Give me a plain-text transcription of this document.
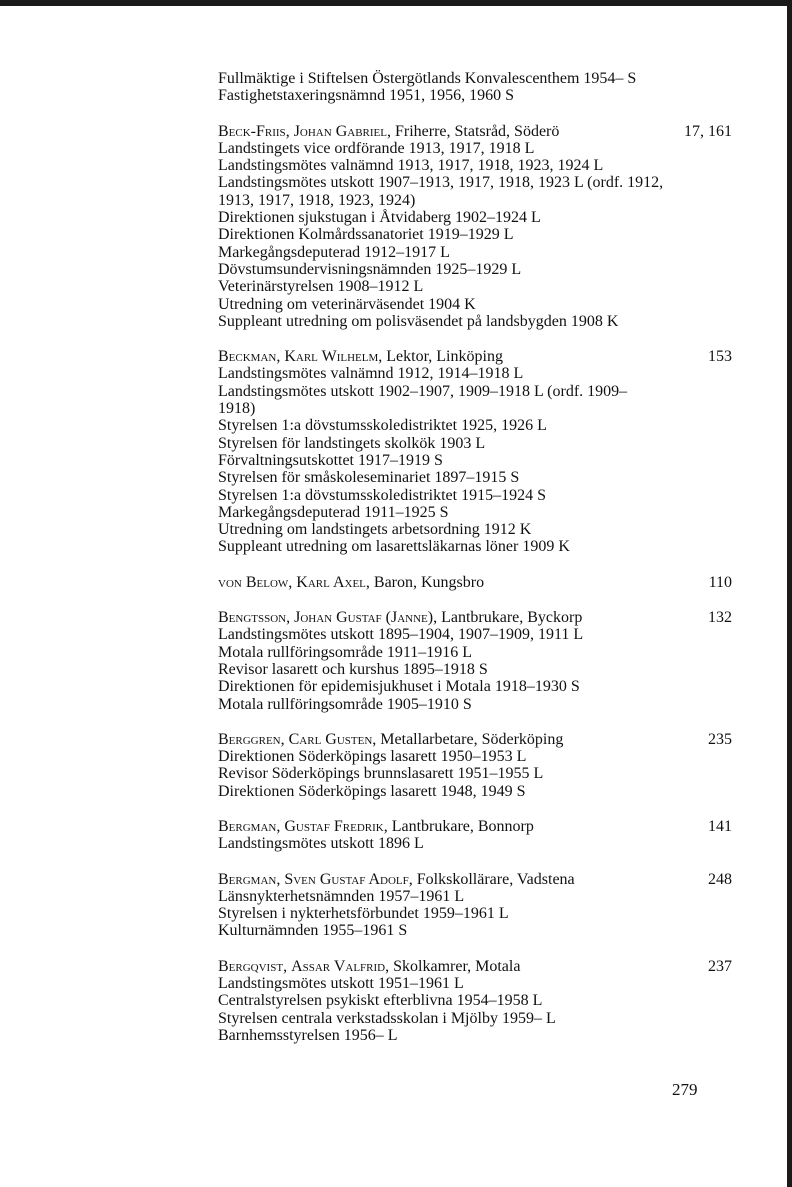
Fullmäktige i Stiftelsen Östergötlands Konvalescenthem 1954– S
Fastighetstaxeringsnämnd 1951, 1956, 1960 S
Beck-Friis, Johan Gabriel, Friherre, Statsråd, Söderö	17, 161
Landstingets vice ordförande 1913, 1917, 1918 L
Landstingsmötes valnämnd 1913, 1917, 1918, 1923, 1924 L
Landstingsmötes utskott 1907–1913, 1917, 1918, 1923 L (ordf. 1912,
1913, 1917, 1918, 1923, 1924)
Direktionen sjukstugan i Åtvidaberg 1902–1924 L
Direktionen Kolmårdssanatoriet 1919–1929 L
Markegångsdeputerad 1912–1917 L
Dövstumsundervisningsnämnden 1925–1929 L
Veterinärstyrelsen 1908–1912 L
Utredning om veterinärväsendet 1904 K
Suppleant utredning om polisväsendet på landsbygden 1908 K
Beckman, Karl Wilhelm, Lektor, Linköping	153
Landstingsmötes valnämnd 1912, 1914–1918 L
Landstingsmötes utskott 1902–1907, 1909–1918 L (ordf. 1909–
1918)
Styrelsen 1:a dövstumsskoledistriktet 1925, 1926 L
Styrelsen för landstingets skolkök 1903 L
Förvaltningsutskottet 1917–1919 S
Styrelsen för småskoleseminariet 1897–1915 S
Styrelsen 1:a dövstumsskoledistriktet 1915–1924 S
Markegångsdeputerad 1911–1925 S
Utredning om landstingets arbetsordning 1912 K
Suppleant utredning om lasarettsläkarnas löner 1909 K
von Below, Karl Axel, Baron, Kungsbro	110
Bengtsson, Johan Gustaf (Janne), Lantbrukare, Byckorp	132
Landstingsmötes utskott 1895–1904, 1907–1909, 1911 L
Motala rullföringsområde 1911–1916 L
Revisor lasarett och kurshus 1895–1918 S
Direktionen för epidemisjukhuset i Motala 1918–1930 S
Motala rullföringsområde 1905–1910 S
Berggren, Carl Gusten, Metallarbetare, Söderköping	235
Direktionen Söderköpings lasarett 1950–1953 L
Revisor Söderköpings brunnslasarett 1951–1955 L
Direktionen Söderköpings lasarett 1948, 1949 S
Bergman, Gustaf Fredrik, Lantbrukare, Bonnorp	141
Landstingsmötes utskott 1896 L
Bergman, Sven Gustaf Adolf, Folkskollärare, Vadstena	248
Länsnykterhetsnämnden 1957–1961 L
Styrelsen i nykterhetsförbundet 1959–1961 L
Kulturnämnden 1955–1961 S
Bergqvist, Assar Valfrid, Skolkamrer, Motala	237
Landstingsmötes utskott 1951–1961 L
Centralstyrelsen psykiskt efterblivna 1954–1958 L
Styrelsen centrala verkstadsskolan i Mjölby 1959– L
Barnhemsstyrelsen 1956– L
279
